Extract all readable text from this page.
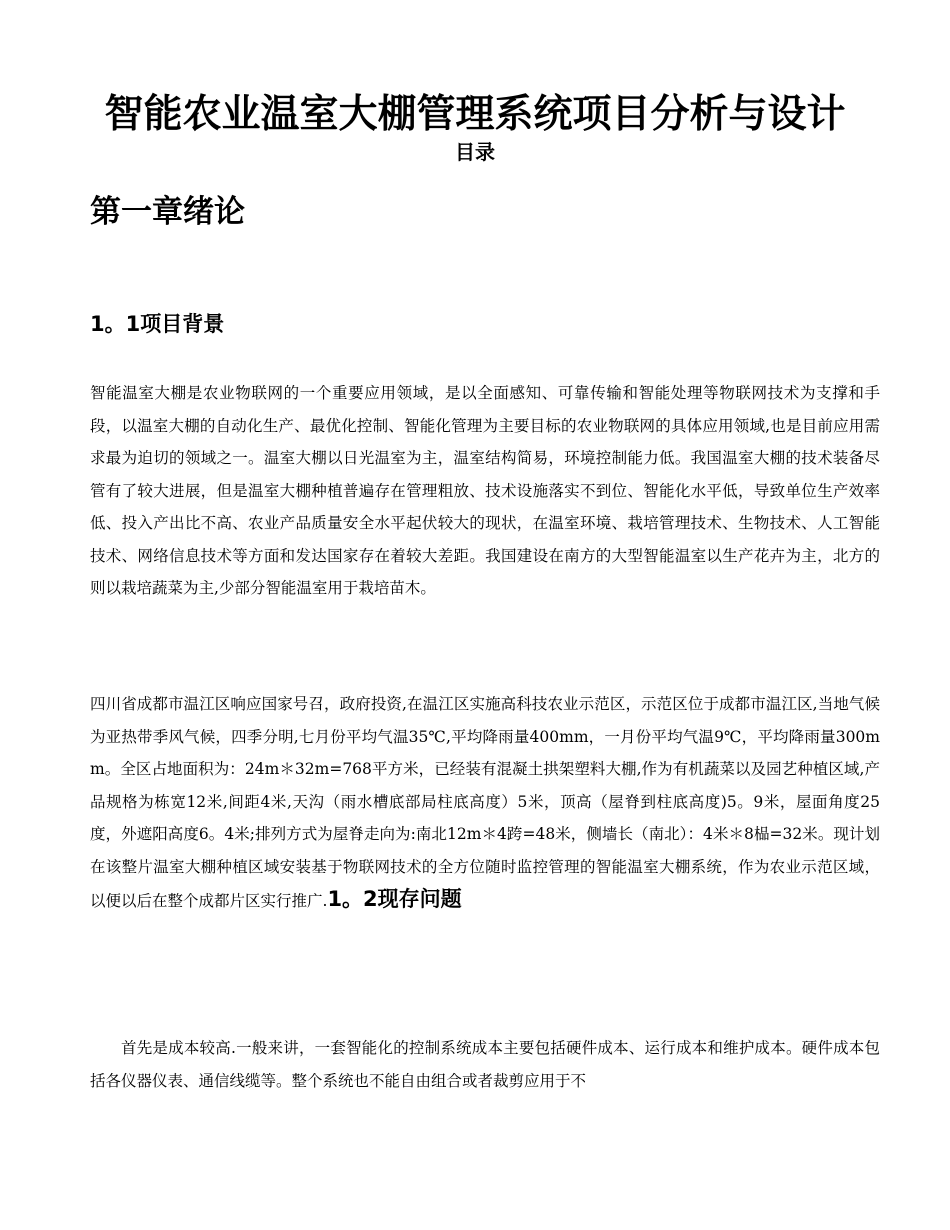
智能农业温室大棚管理系统项目分析与设计
目录
第一章绪论
1。1项目背景

智能温室大棚是农业物联网的一个重要应用领域，是以全面感知、可靠传输和智能处理等物联网技术为支撑和手段，以温室大棚的自动化生产、最优化控制、智能化管理为主要目标的农业物联网的具体应用领域,也是目前应用需求最为迫切的领域之一。温室大棚以日光温室为主，温室结构简易，环境控制能力低。我国温室大棚的技术装备尽管有了较大进展，但是温室大棚种植普遍存在管理粗放、技术设施落实不到位、智能化水平低，导致单位生产效率低、投入产出比不高、农业产品质量安全水平起伏较大的现状，在温室环境、栽培管理技术、生物技术、人工智能技术、网络信息技术等方面和发达国家存在着较大差距。我国建设在南方的大型智能温室以生产花卉为主，北方的则以栽培蔬菜为主,少部分智能温室用于栽培苗木。

四川省成都市温江区响应国家号召，政府投资,在温江区实施高科技农业示范区，示范区位于成都市温江区,当地气候为亚热带季风气候，四季分明,七月份平均气温35℃,平均降雨量400mm，一月份平均气温9℃，平均降雨量300mm。全区占地面积为：24m＊32m=768平方米，已经装有混凝土拱架塑料大棚,作为有机蔬菜以及园艺种植区域,产品规格为栋宽12米,间距4米,天沟（雨水槽底部局柱底高度）5米，顶高（屋脊到柱底高度)5。9米，屋面角度25度，外遮阳高度6。4米;排列方式为屋脊走向为:南北12m＊4跨=48米，侧墙长（南北）：4米＊8榀=32米。现计划在该整片温室大棚种植区域安装基于物联网技术的全方位随时监控管理的智能温室大棚系统，作为农业示范区域，以便以后在整个成都片区实行推广.1。2现存问题

首先是成本较高.一般来讲，一套智能化的控制系统成本主要包括硬件成本、运行成本和维护成本。硬件成本包括各仪器仪表、通信线缆等。整个系统也不能自由组合或者裁剪应用于不
